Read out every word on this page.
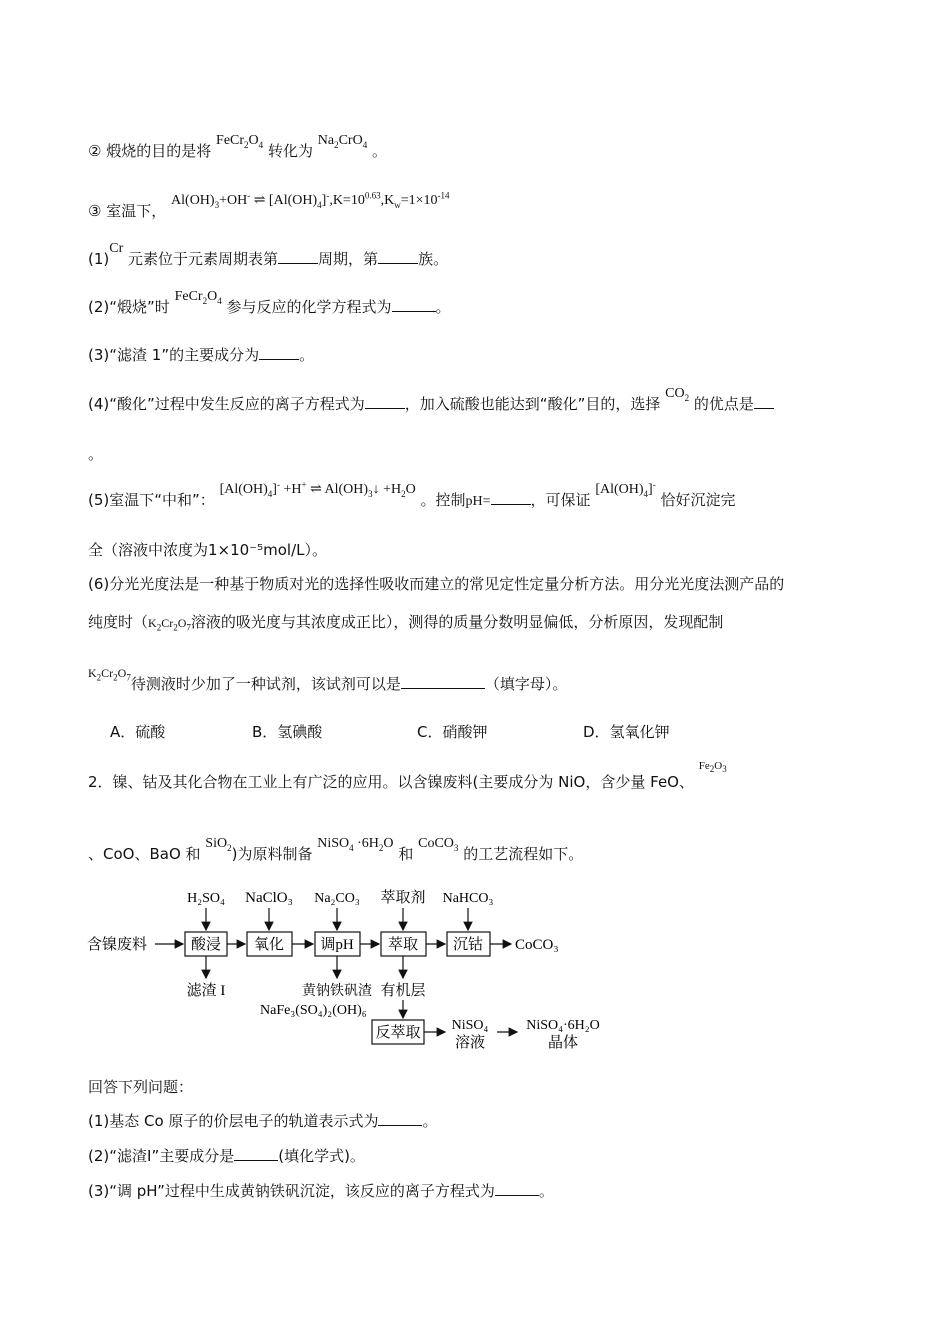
② 煅烧的目的是将 $FeCr_2O_4$ 转化为 $Na_2CrO_4$ 。
③ 室温下， $Al(OH)_3+OH^-$ ⇌ $[Al(OH)_4]^-,K=10^{0.63},K_w=1\times 10^{-14}$
(1)Cr 元素位于元素周期表第	周期，第	族。
(2)“煅烧”时 $FeCr_2O_4$ 参与反应的化学方程式为	。
(3)“滤渣 1”的主要成分为	。
(4)“酸化”过程中发生反应的离子方程式为	，加入硫酸也能达到“酸化”目的，选择 $CO_2$ 的优点是
。
(5)室温下“中和”： $[Al(OH)_4]^- +H^+$ ⇌ $Al(OH)_3↓ +H_2O$ 。控制pH=	，可保证 $[Al(OH)_4]^-$ 恰好沉淀完
全（溶液中浓度为1×10⁻⁵mol/L）。
(6)分光光度法是一种基于物质对光的选择性吸收而建立的常见定性定量分析方法。用分光光度法测产品的
纯度时（$K_2Cr_2O_7$溶液的吸光度与其浓度成正比），测得的质量分数明显偏低，分析原因，发现配制
$^{K_2Cr_2O_7}$待测液时少加了一种试剂，该试剂可以是	（填字母）。
A．硫酸	B．氢碘酸	C．硝酸钾	D．氢氧化钾
2．镍、钴及其化合物在工业上有广泛的应用。以含镍废料(主要成分为 NiO，含少量 FeO、 $^{Fe_2O_3}$
、CoO、BaO 和 SiO$_2$)为原料制备 NiSO$_4$ $\cdot 6H_2O$ 和 CoCO$_3$ 的工艺流程如下。
含镍废料	酸浸 氧化 调pH 萃取 沉钴 CoCO₃
H₂SO₄ NaClO₃ Na₂CO₃ 萃取剂 NaHCO₃
滤渣 I	黄钠铁矾渣
NaFe₃(SO₄)₂(OH)₆
有机层
反萃取 NiSO₄
溶液
NiSO₄·6H₂O
晶体
回答下列问题：
(1)基态 Co 原子的价层电子的轨道表示式为	。
(2)“滤渣Ⅰ”主要成分是	(填化学式)。
(3)“调 pH”过程中生成黄钠铁矾沉淀，该反应的离子方程式为	。
